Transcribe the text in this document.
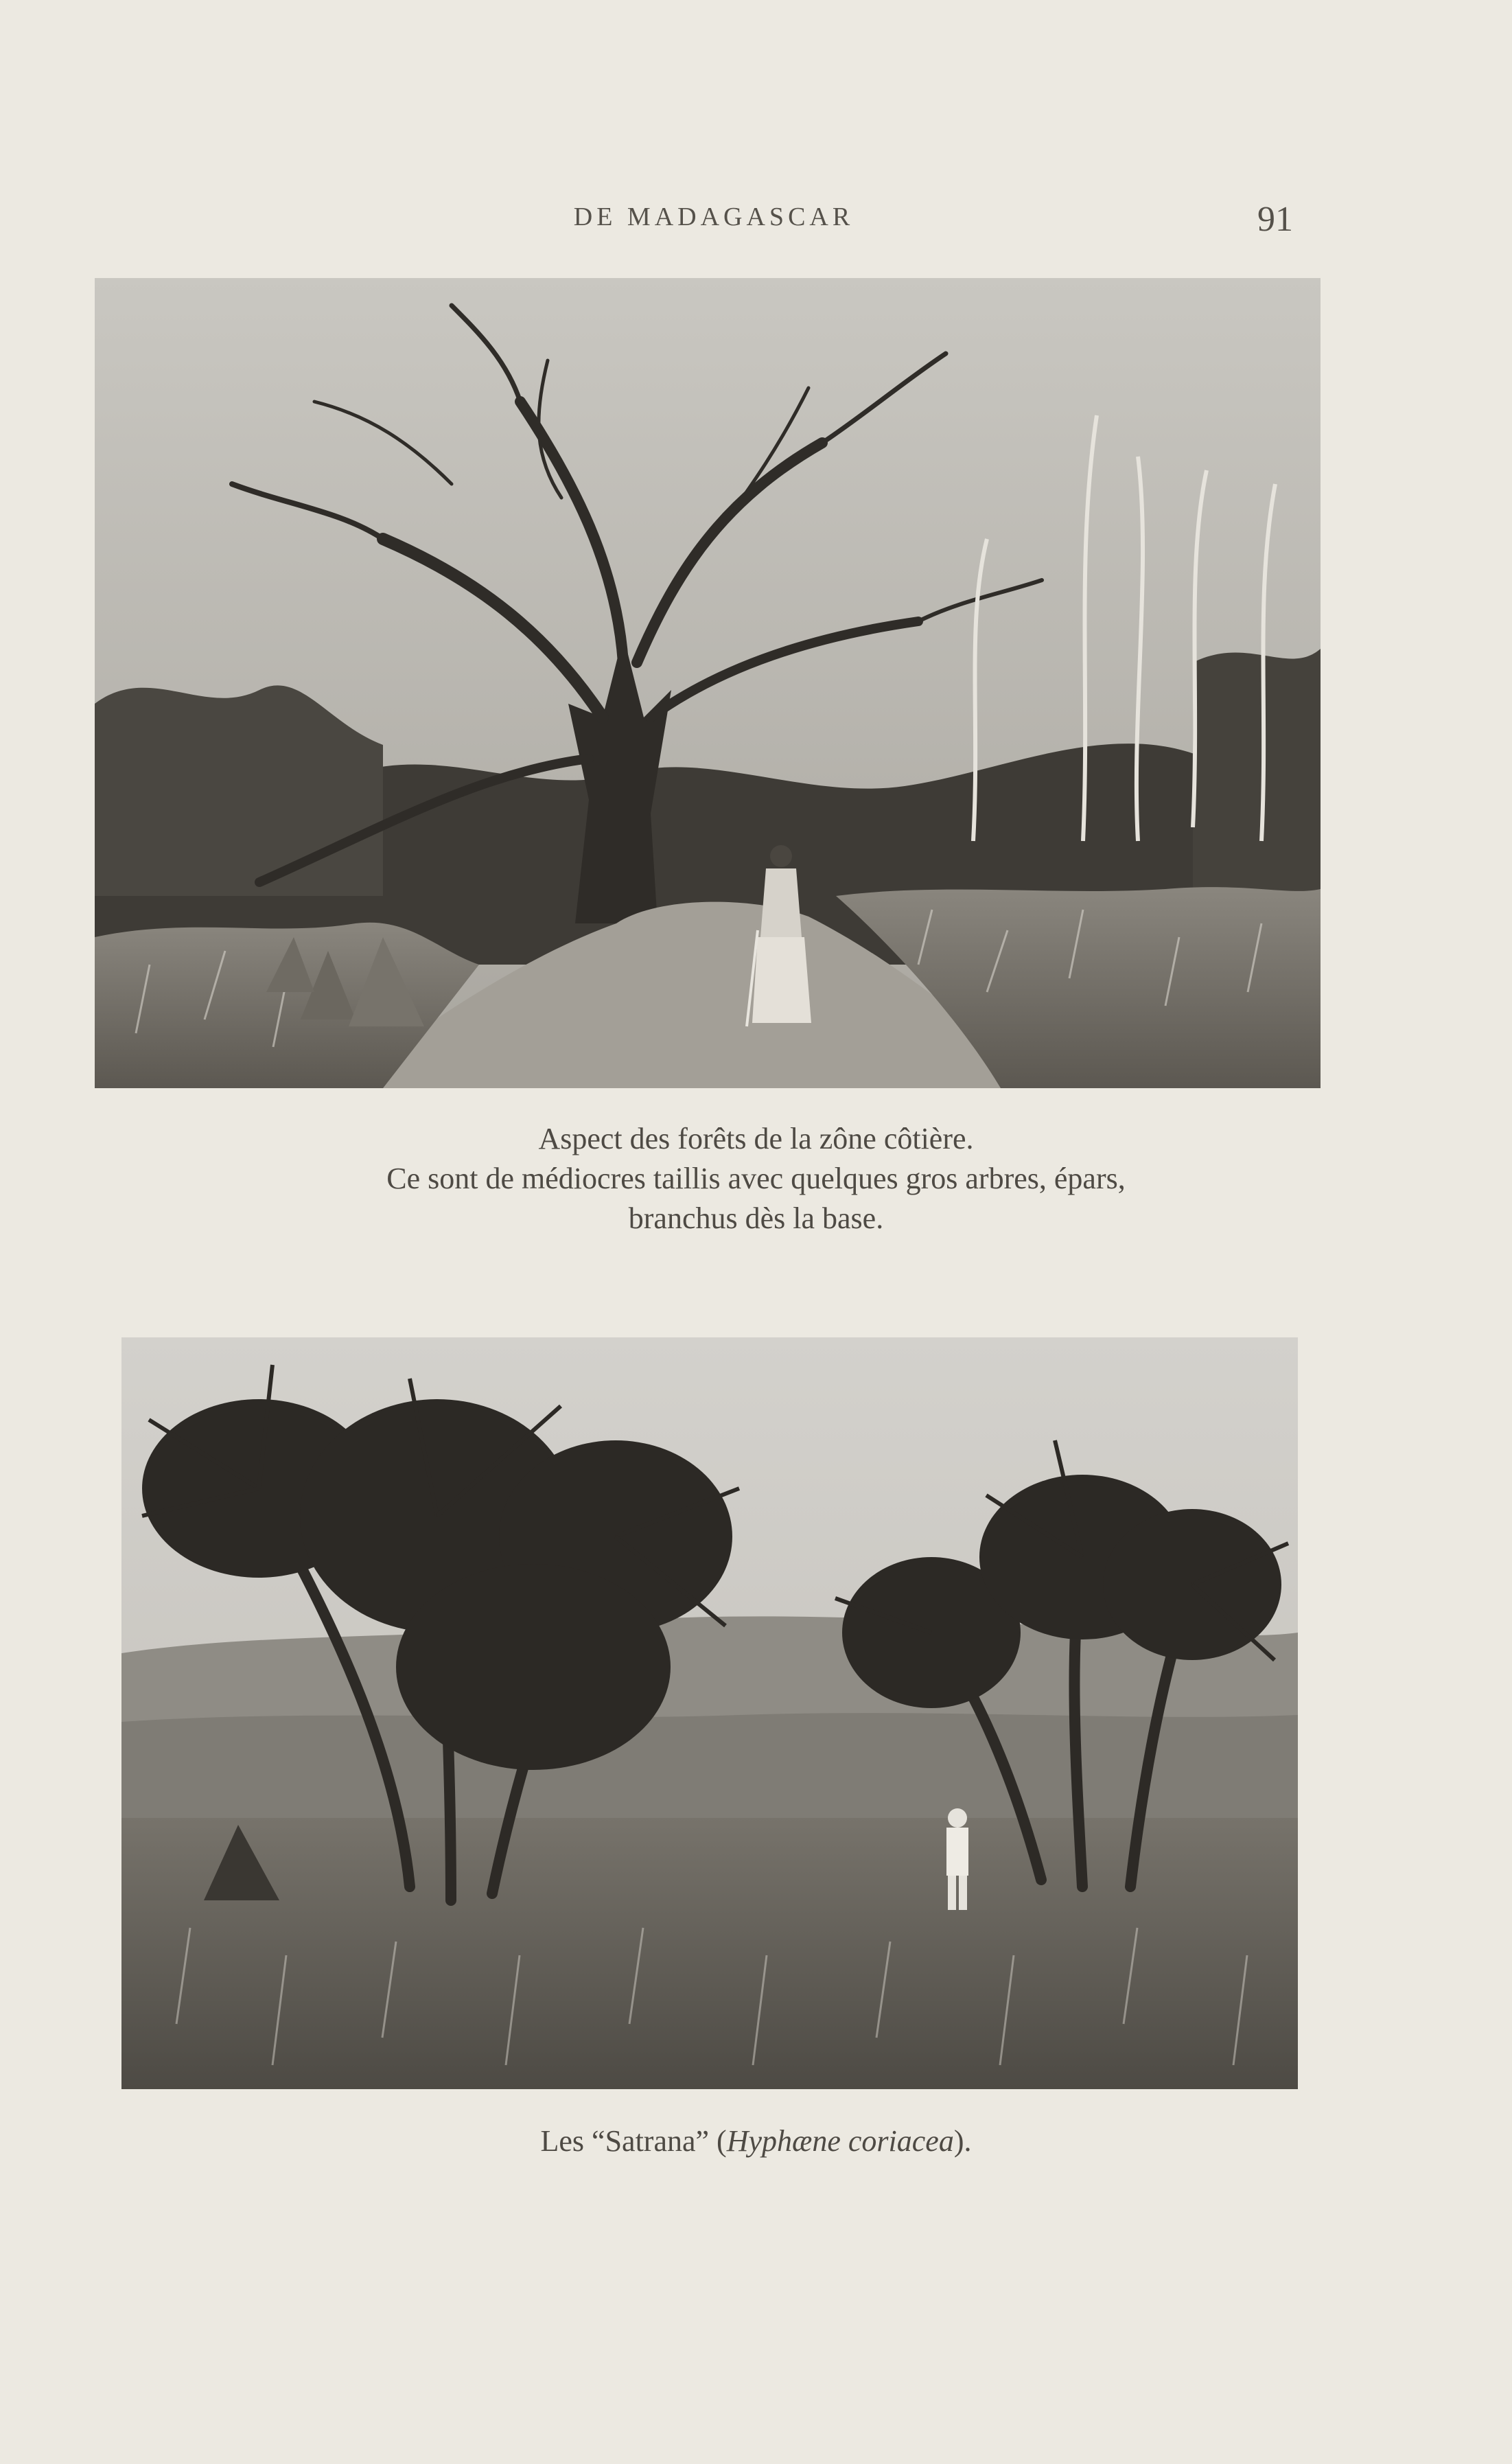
DE MADAGASCAR	91
Aspect des forêts de la zône côtière.
Ce sont de médiocres taillis avec quelques gros arbres, épars,
branchus dès la base.
Les “Satrana” (Hyphæne coriacea).
